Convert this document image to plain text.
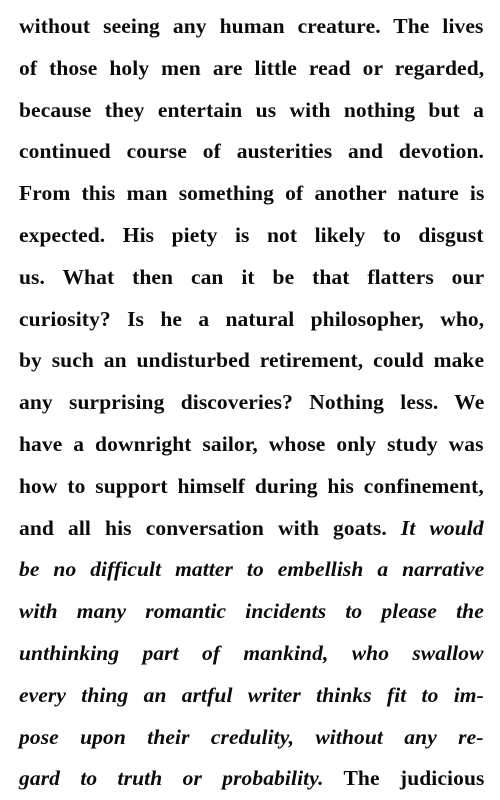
without seeing any human creature. The lives
of those holy men are little read or regarded,
because they entertain us with nothing but a
continued course of austerities and devotion.
From this man something of another nature is
expected. His piety is not likely to disgust
us. What then can it be that flatters our
curiosity? Is he a natural philosopher, who,
by such an undisturbed retirement, could make
any surprising discoveries? Nothing less. We
have a downright sailor, whose only study was
how to support himself during his confinement,
and all his conversation with goats. It would
be no difficult matter to embellish a narrative
with many romantic incidents to please the
unthinking part of mankind, who swallow
every thing an artful writer thinks fit to im-
pose upon their credulity, without any re-
gard to truth or probability. The judicious
